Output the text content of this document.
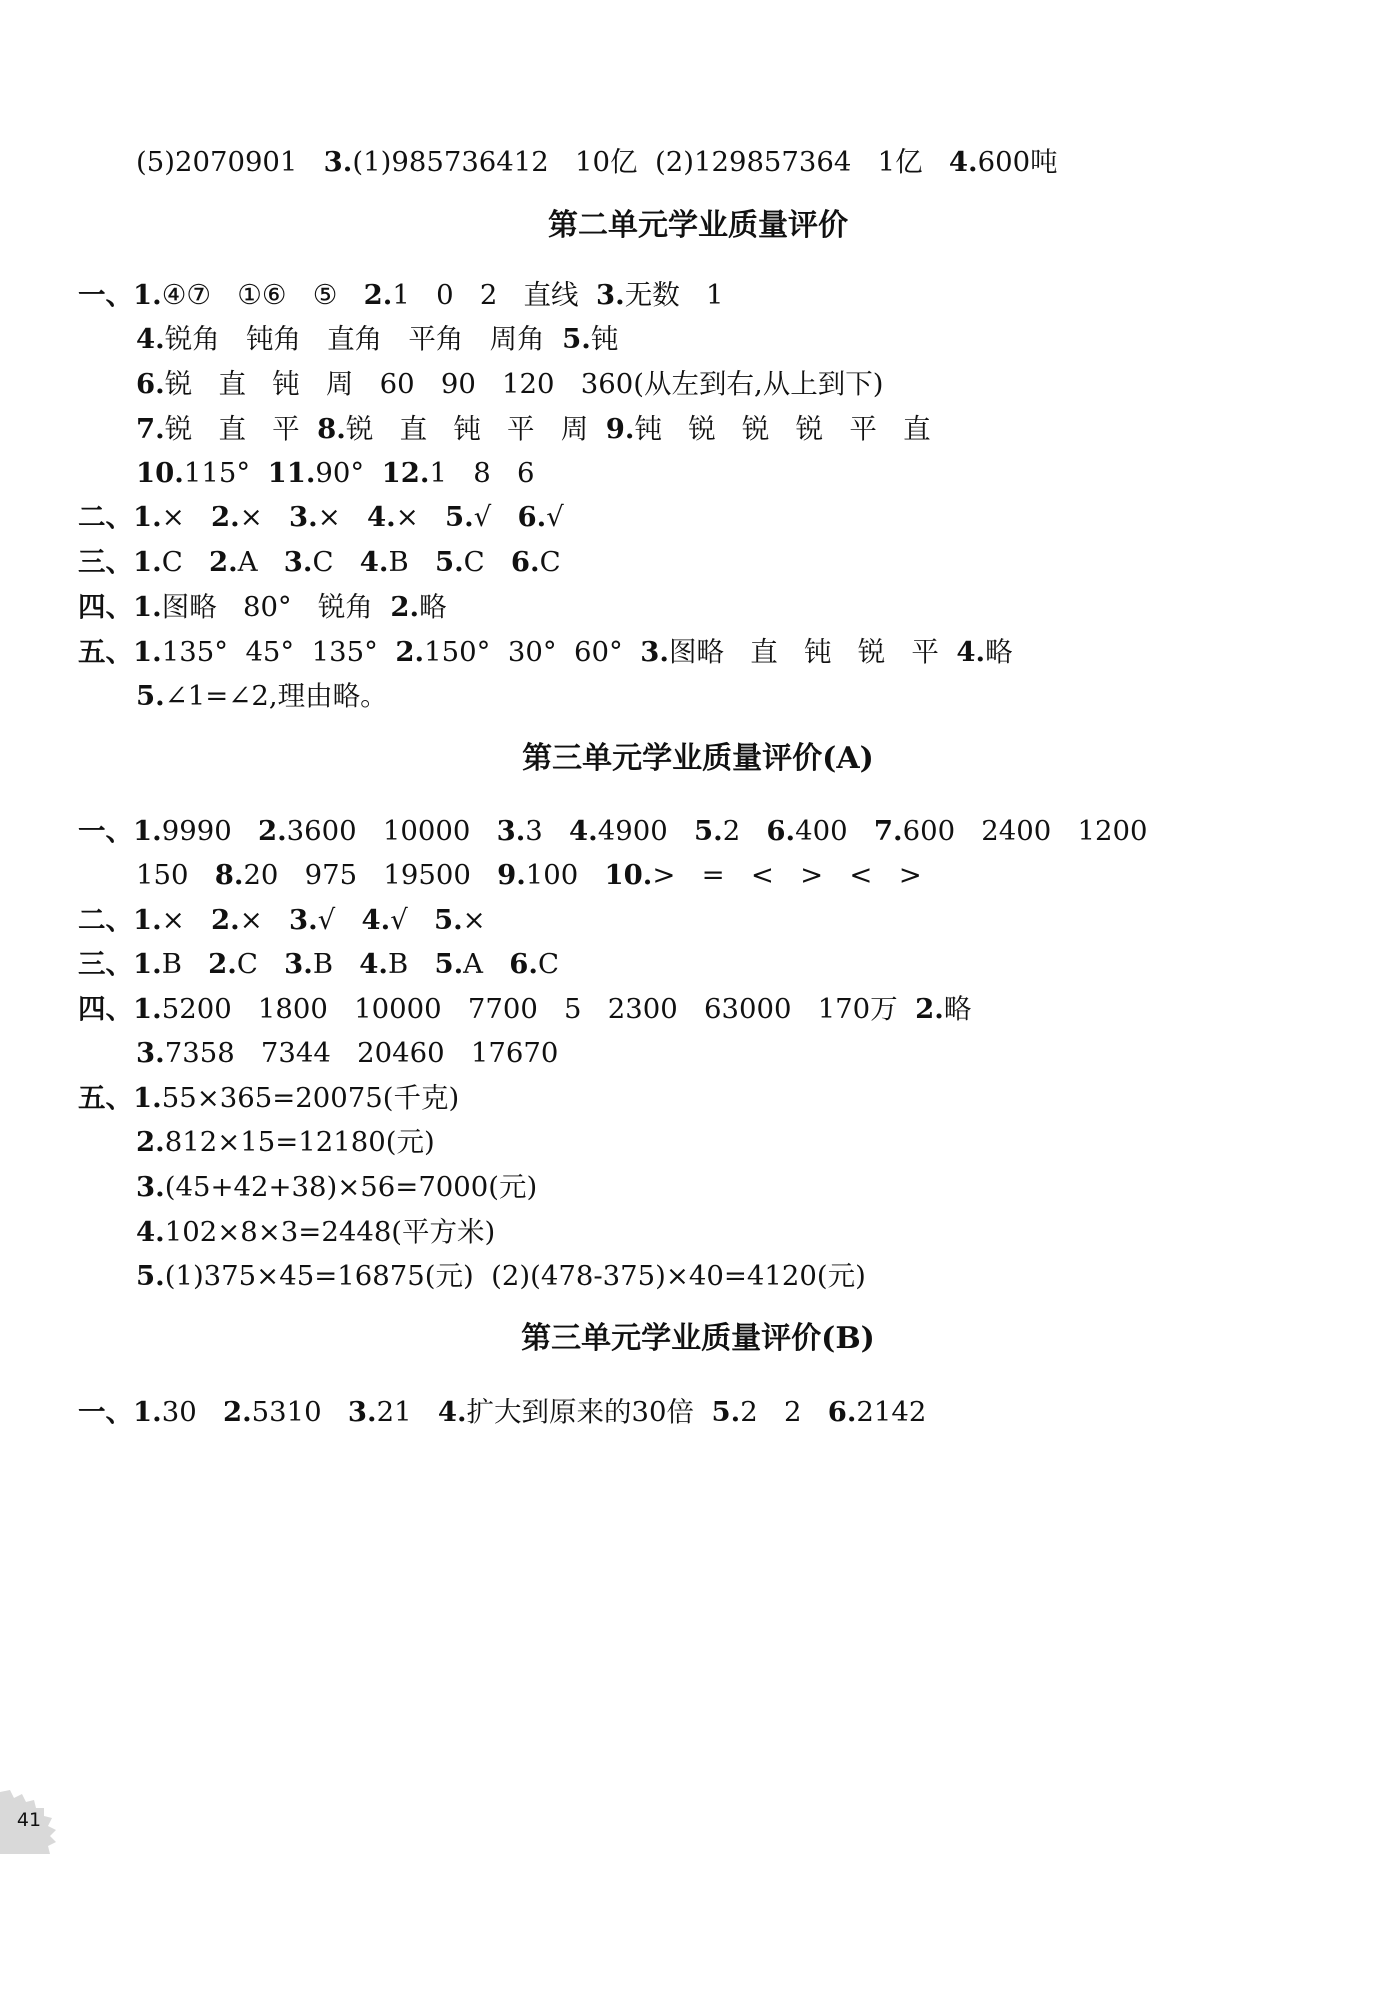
(5)2070901   3.(1)985736412   10亿  (2)129857364   1亿   4.600吨
第二单元学业质量评价
一、1.④⑦   ①⑥   ⑤   2.1   0   2   直线  3.无数   1
4.锐角   钝角   直角   平角   周角  5.钝
6.锐   直   钝   周   60   90   120   360(从左到右,从上到下)
7.锐   直   平  8.锐   直   钝   平   周  9.钝   锐   锐   锐   平   直
10.115°  11.90°  12.1   8   6
二、1.×   2.×   3.×   4.×   5.√   6.√
三、1.C   2.A   3.C   4.B   5.C   6.C
四、1.图略   80°   锐角  2.略
五、1.135°  45°  135°  2.150°  30°  60°  3.图略   直   钝   锐   平  4.略
5.∠1=∠2,理由略。
第三单元学业质量评价(A)
一、1.9990   2.3600   10000   3.3   4.4900   5.2   6.400   7.600   2400   1200
150   8.20   975   19500   9.100   10.>   =   <   >   <   >
二、1.×   2.×   3.√   4.√   5.×
三、1.B   2.C   3.B   4.B   5.A   6.C
四、1.5200   1800   10000   7700   5   2300   63000   170万  2.略
3.7358   7344   20460   17670
五、1.55×365=20075(千克)
2.812×15=12180(元)
3.(45+42+38)×56=7000(元)
4.102×8×3=2448(平方米)
5.(1)375×45=16875(元)  (2)(478-375)×40=4120(元)
第三单元学业质量评价(B)
一、1.30   2.5310   3.21   4.扩大到原来的30倍  5.2   2   6.2142
41
